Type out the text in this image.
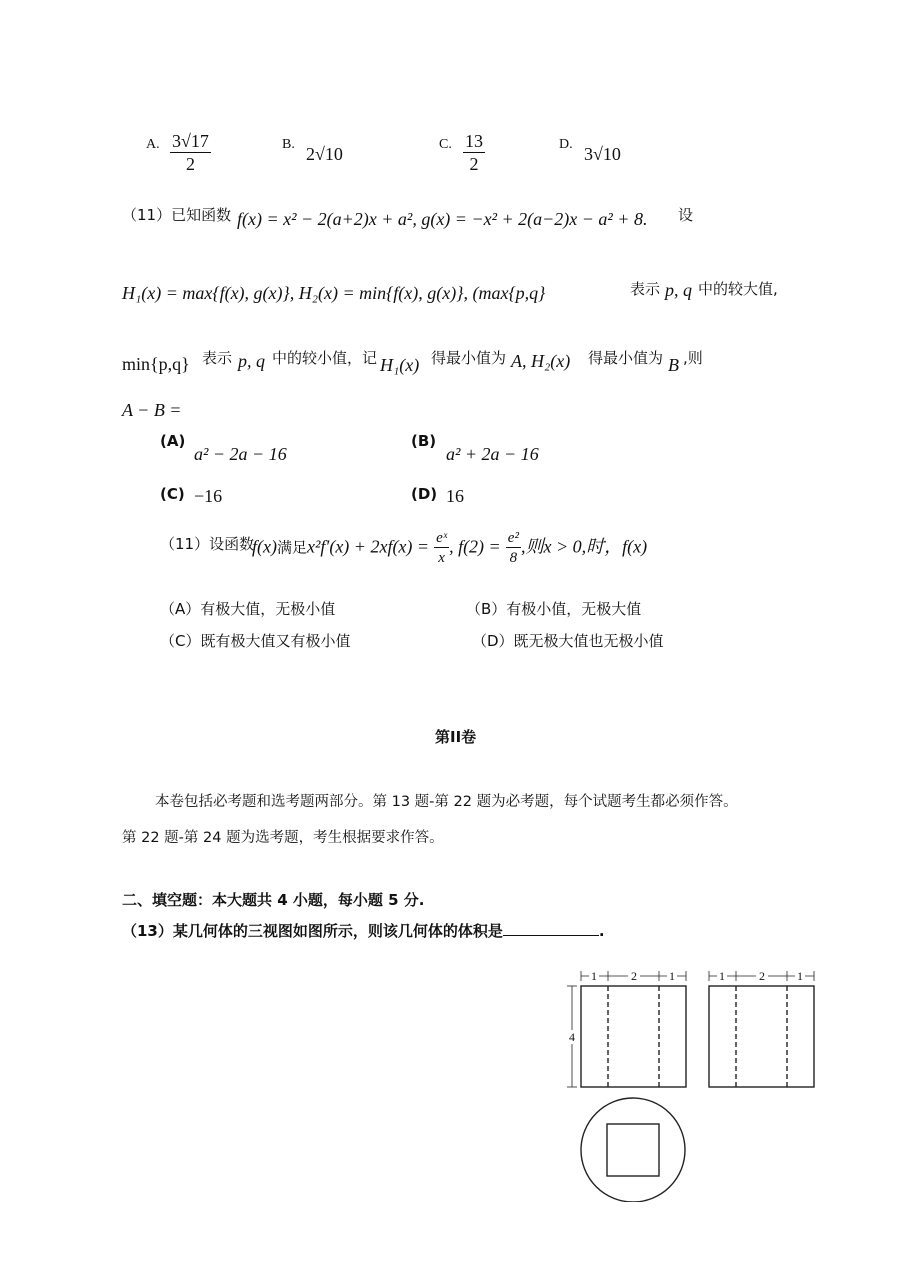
A. $\frac{3√17}{2}$	B. 2√10	C. $\frac{13}{2}$	D. 3√10
（11）已知函数 f(x) = x² − 2(a+2)x + a², g(x) = −x² + 2(a−2)x − a² + 8. 设
H₁(x) = max{f(x), g(x)}, H₂(x) = min{f(x), g(x)}, (max{p,q}	表示 p, q 中的较大值,
min{p,q} 表示 p, q 中的较小值，记 H₁(x) 得最小值为 A, H₂(x) 得最小值为 B ,则
A − B =
(A)
a² − 2a − 16
(B)
a² + 2a − 16
(C) −16	(D) 16
（11）设函数
f(x)满足$x^2f'(x) + 2xf(x) = \frac{\text{eˣ}}{x}$ , $f(2) = \frac{\text{e²}}{8}$ ,则x > 0,时，f(x)
（A）有极大值，无极小值	（B）有极小值，无极大值
（C）既有极大值又有极小值	（D）既无极大值也无极小值
第II卷
本卷包括必考题和选考题两部分。第 13 题-第 22 题为必考题，每个试题考生都必须作答。
第 22 题-第 24 题为选考题，考生根据要求作答。
二、填空题：本大题共 4 小题，每小题 5 分.
（13）某几何体的三视图如图所示，则该几何体的体积是	.
1	2	1	1	2	1
4
